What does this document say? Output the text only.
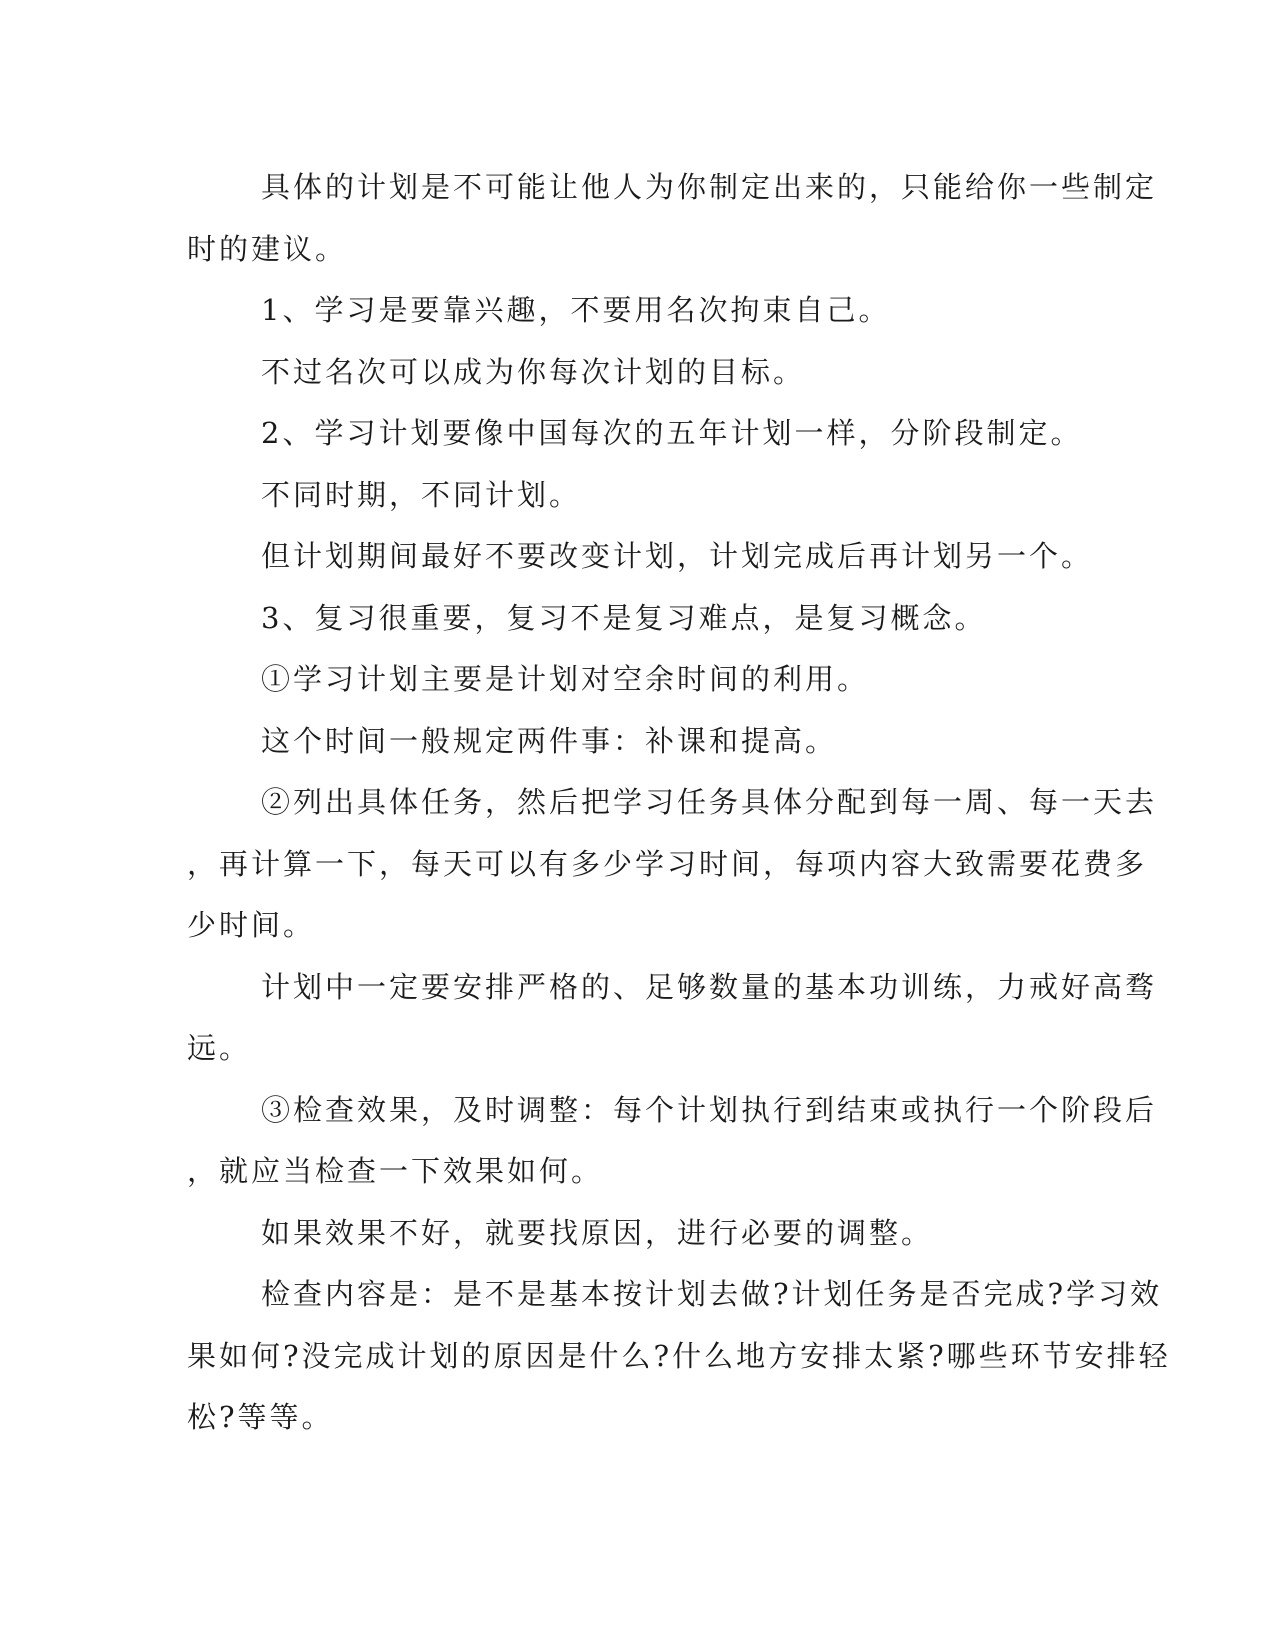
具体的计划是不可能让他人为你制定出来的，只能给你一些制定

时的建议。

1、学习是要靠兴趣，不要用名次拘束自己。

不过名次可以成为你每次计划的目标。

2、学习计划要像中国每次的五年计划一样，分阶段制定。

不同时期，不同计划。

但计划期间最好不要改变计划，计划完成后再计划另一个。

3、复习很重要，复习不是复习难点，是复习概念。

①学习计划主要是计划对空余时间的利用。

这个时间一般规定两件事：补课和提高。

②列出具体任务，然后把学习任务具体分配到每一周、每一天去

，再计算一下，每天可以有多少学习时间，每项内容大致需要花费多

少时间。

计划中一定要安排严格的、足够数量的基本功训练，力戒好高骛

远。

③检查效果，及时调整：每个计划执行到结束或执行一个阶段后

，就应当检查一下效果如何。

如果效果不好，就要找原因，进行必要的调整。

检查内容是：是不是基本按计划去做?计划任务是否完成?学习效

果如何?没完成计划的原因是什么?什么地方安排太紧?哪些环节安排轻

松?等等。
